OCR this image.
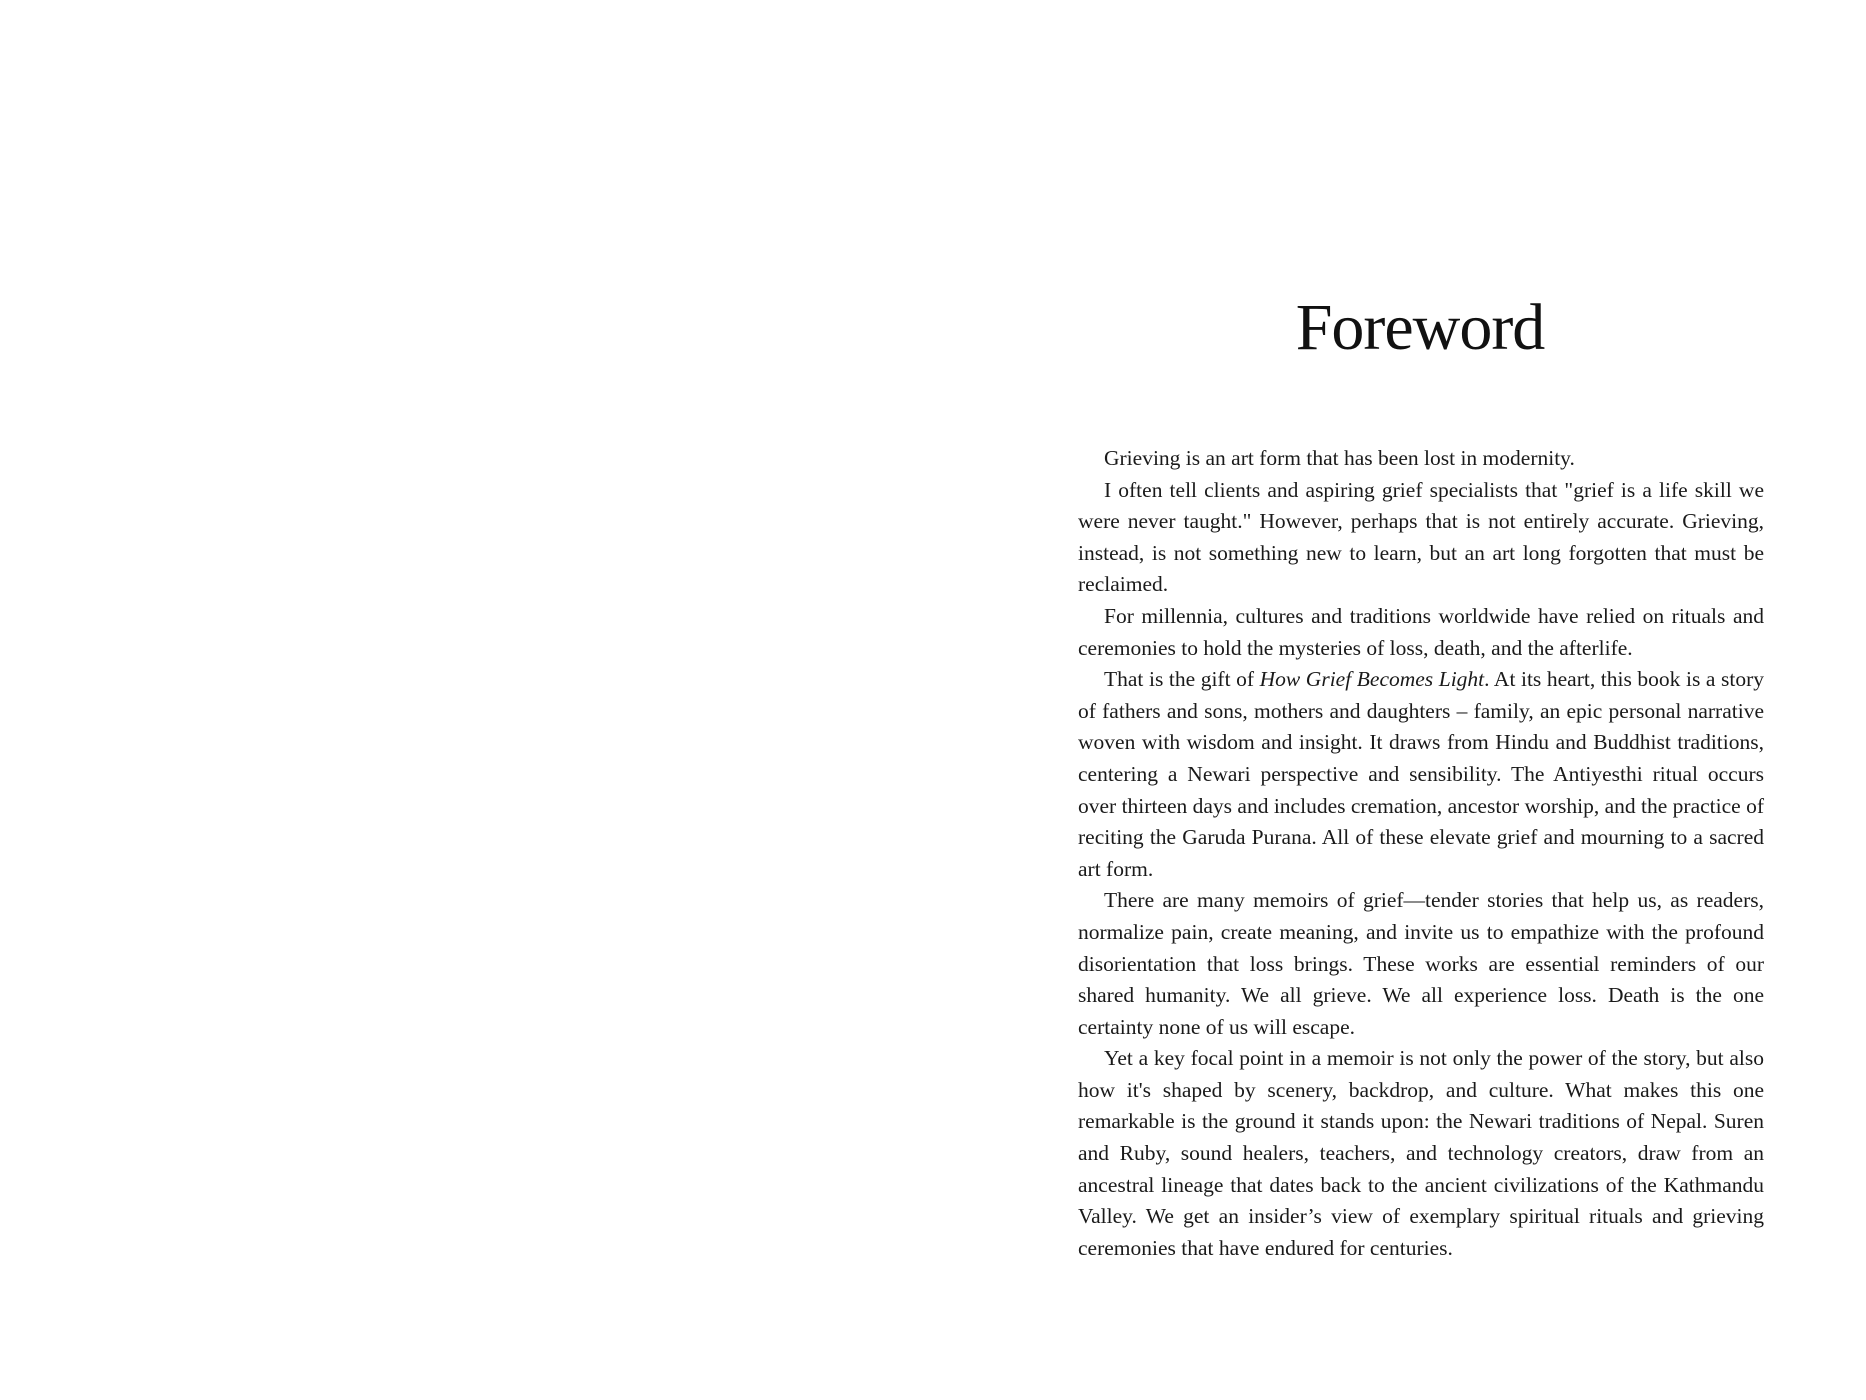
Foreword

Grieving is an art form that has been lost in modernity.

I often tell clients and aspiring grief specialists that "grief is a life skill we were never taught." However, perhaps that is not entirely accurate. Grieving, instead, is not something new to learn, but an art long forgotten that must be reclaimed.

For millennia, cultures and traditions worldwide have relied on rituals and ceremonies to hold the mysteries of loss, death, and the afterlife.

That is the gift of How Grief Becomes Light. At its heart, this book is a story of fathers and sons, mothers and daughters – family, an epic personal narrative woven with wisdom and insight. It draws from Hindu and Buddhist traditions, centering a Newari perspective and sensibility. The Antiyesthi ritual occurs over thirteen days and includes cremation, ancestor worship, and the practice of reciting the Garuda Purana. All of these elevate grief and mourning to a sacred art form.

There are many memoirs of grief—tender stories that help us, as readers, normalize pain, create meaning, and invite us to empathize with the profound disorientation that loss brings. These works are essential reminders of our shared humanity. We all grieve. We all experience loss. Death is the one certainty none of us will escape.

Yet a key focal point in a memoir is not only the power of the story, but also how it's shaped by scenery, backdrop, and culture. What makes this one remarkable is the ground it stands upon: the Newari traditions of Nepal. Suren and Ruby, sound healers, teachers, and technology creators, draw from an ancestral lineage that dates back to the ancient civilizations of the Kathmandu Valley. We get an insider’s view of exemplary spiritual rituals and grieving ceremonies that have endured for centuries.
